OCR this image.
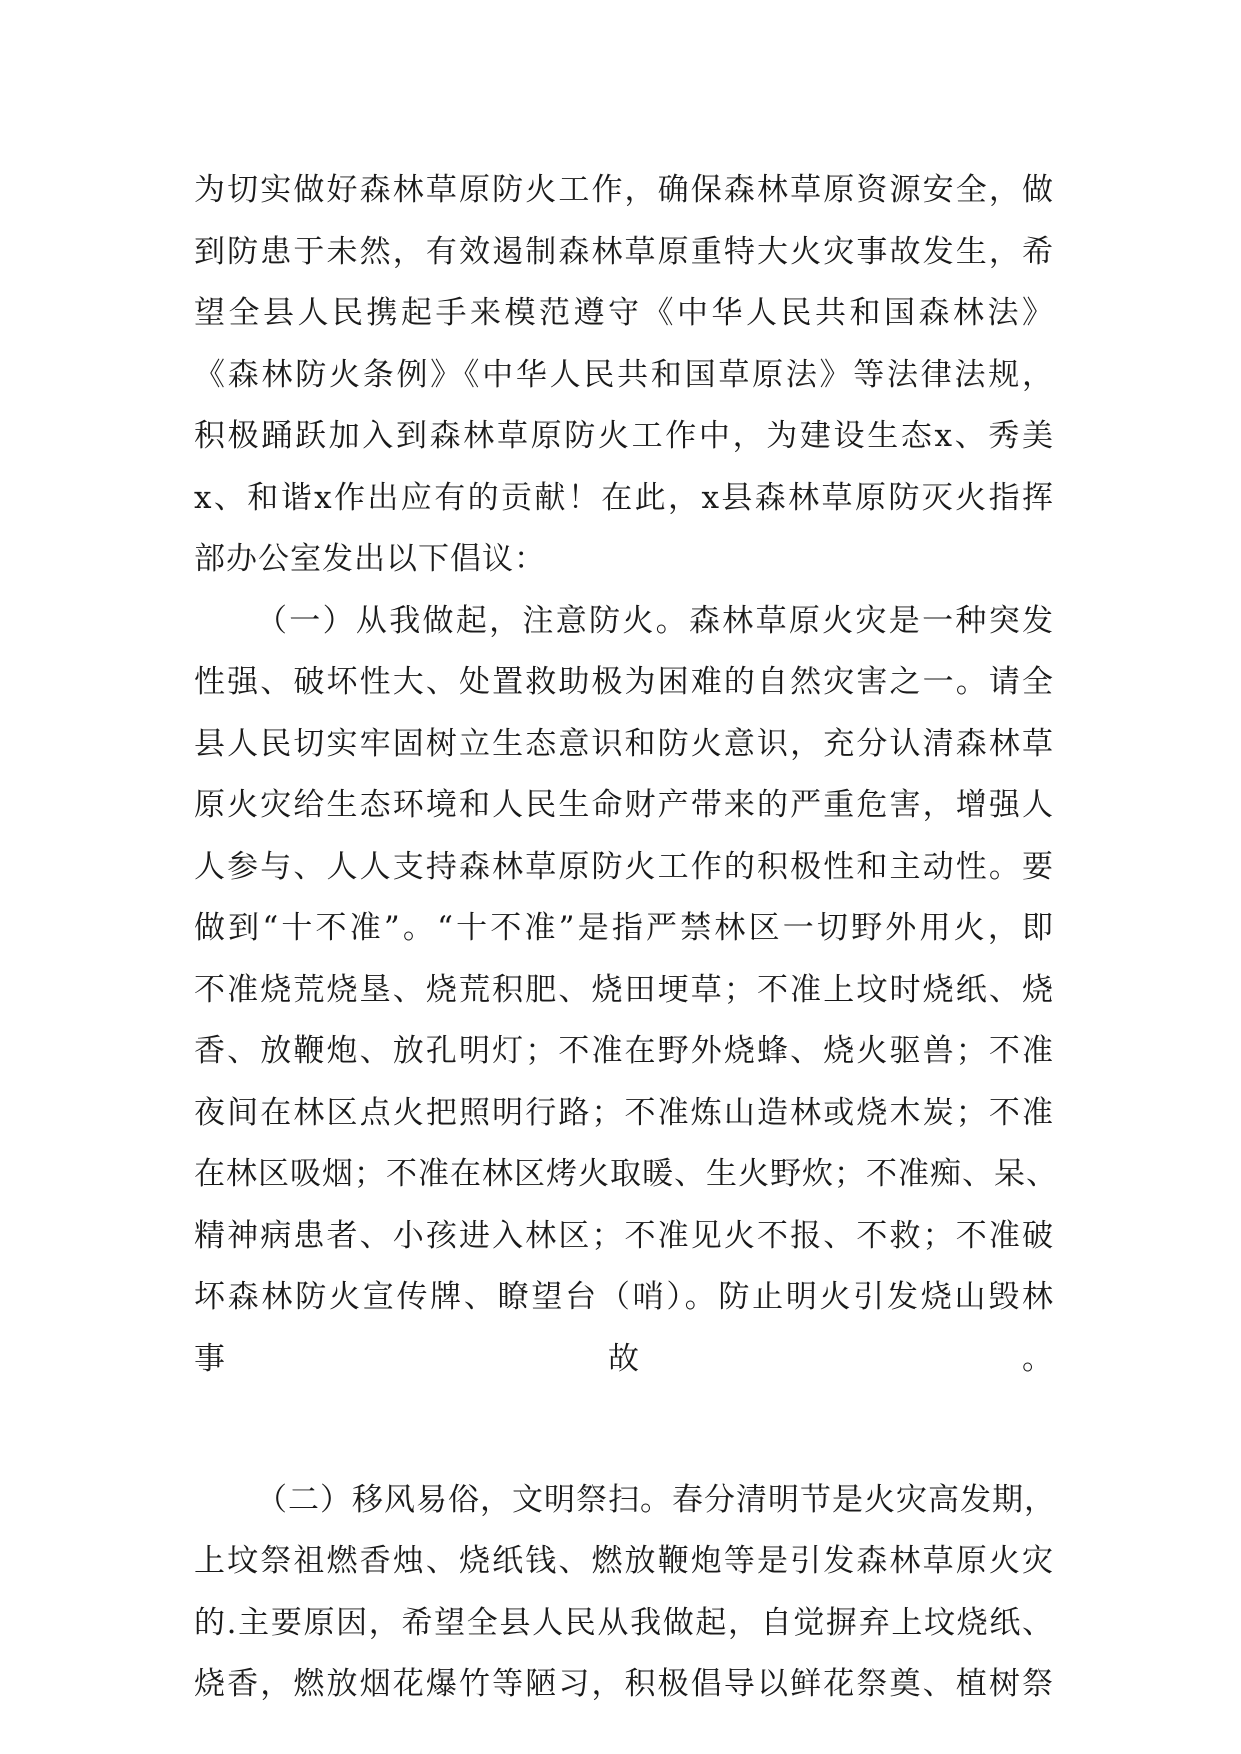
为切实做好森林草原防火工作，确保森林草原资源安全，做
到防患于未然，有效遏制森林草原重特大火灾事故发生，希
望全县人民携起手来模范遵守《中华人民共和国森林法》
《森林防火条例》《中华人民共和国草原法》等法律法规，
积极踊跃加入到森林草原防火工作中，为建设生态x、秀美
x、和谐x作出应有的贡献！在此，x县森林草原防灭火指挥
部办公室发出以下倡议：
（一）从我做起，注意防火。森林草原火灾是一种突发
性强、破坏性大、处置救助极为困难的自然灾害之一。请全
县人民切实牢固树立生态意识和防火意识，充分认清森林草
原火灾给生态环境和人民生命财产带来的严重危害，增强人
人参与、人人支持森林草原防火工作的积极性和主动性。要
做到“十不准”。“十不准”是指严禁林区一切野外用火，即
不准烧荒烧垦、烧荒积肥、烧田埂草；不准上坟时烧纸、烧
香、放鞭炮、放孔明灯；不准在野外烧蜂、烧火驱兽；不准
夜间在林区点火把照明行路；不准炼山造林或烧木炭；不准
在林区吸烟；不准在林区烤火取暖、生火野炊；不准痴、呆、
精神病患者、小孩进入林区；不准见火不报、不救；不准破
坏森林防火宣传牌、瞭望台（哨）。防止明火引发烧山毁林
事故。
（二）移风易俗，文明祭扫。春分清明节是火灾高发期，
上坟祭祖燃香烛、烧纸钱、燃放鞭炮等是引发森林草原火灾
的.主要原因，希望全县人民从我做起，自觉摒弃上坟烧纸、
烧香，燃放烟花爆竹等陋习，积极倡导以鲜花祭奠、植树祭
